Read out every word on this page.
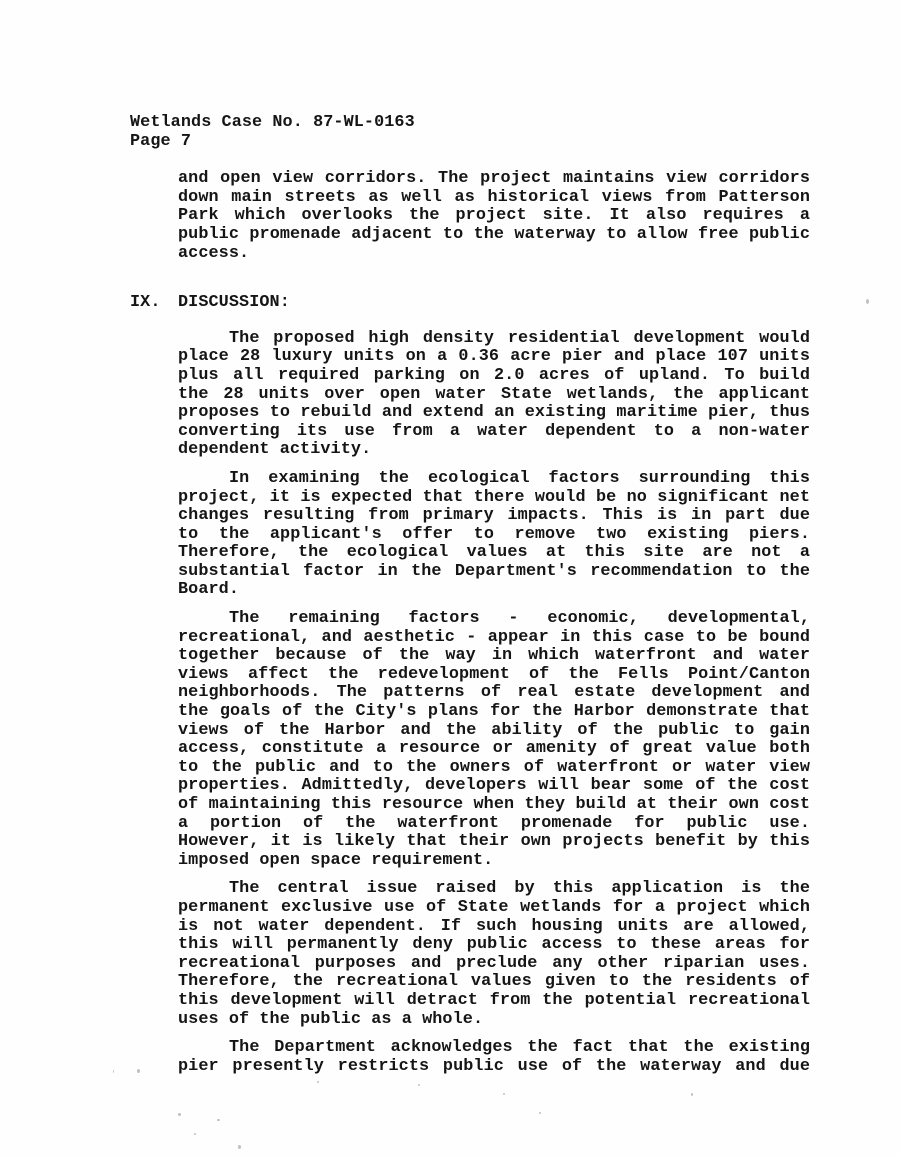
Wetlands Case No. 87-WL-0163
Page 7
and open view corridors. The project maintains view corridors
down main streets as well as historical views from Patterson
Park which overlooks the project site. It also requires a
public promenade adjacent to the waterway to allow free public
access.
IX.	DISCUSSION:
The proposed high density residential development would
place 28 luxury units on a 0.36 acre pier and place 107 units
plus all required parking on 2.0 acres of upland. To build
the 28 units over open water State wetlands, the applicant
proposes to rebuild and extend an existing maritime pier, thus
converting its use from a water dependent to a non-water
dependent activity.
In examining the ecological factors surrounding this
project, it is expected that there would be no significant net
changes resulting from primary impacts. This is in part due
to the applicant's offer to remove two existing piers.
Therefore, the ecological values at this site are not a
substantial factor in the Department's recommendation to the
Board.
The remaining factors - economic, developmental,
recreational, and aesthetic - appear in this case to be bound
together because of the way in which waterfront and water
views affect the redevelopment of the Fells Point/Canton
neighborhoods. The patterns of real estate development and
the goals of the City's plans for the Harbor demonstrate that
views of the Harbor and the ability of the public to gain
access, constitute a resource or amenity of great value both
to the public and to the owners of waterfront or water view
properties. Admittedly, developers will bear some of the cost
of maintaining this resource when they build at their own cost
a portion of the waterfront promenade for public use.
However, it is likely that their own projects benefit by this
imposed open space requirement.
The central issue raised by this application is the
permanent exclusive use of State wetlands for a project which
is not water dependent. If such housing units are allowed,
this will permanently deny public access to these areas for
recreational purposes and preclude any other riparian uses.
Therefore, the recreational values given to the residents of
this development will detract from the potential recreational
uses of the public as a whole.
The Department acknowledges the fact that the existing
pier presently restricts public use of the waterway and due
